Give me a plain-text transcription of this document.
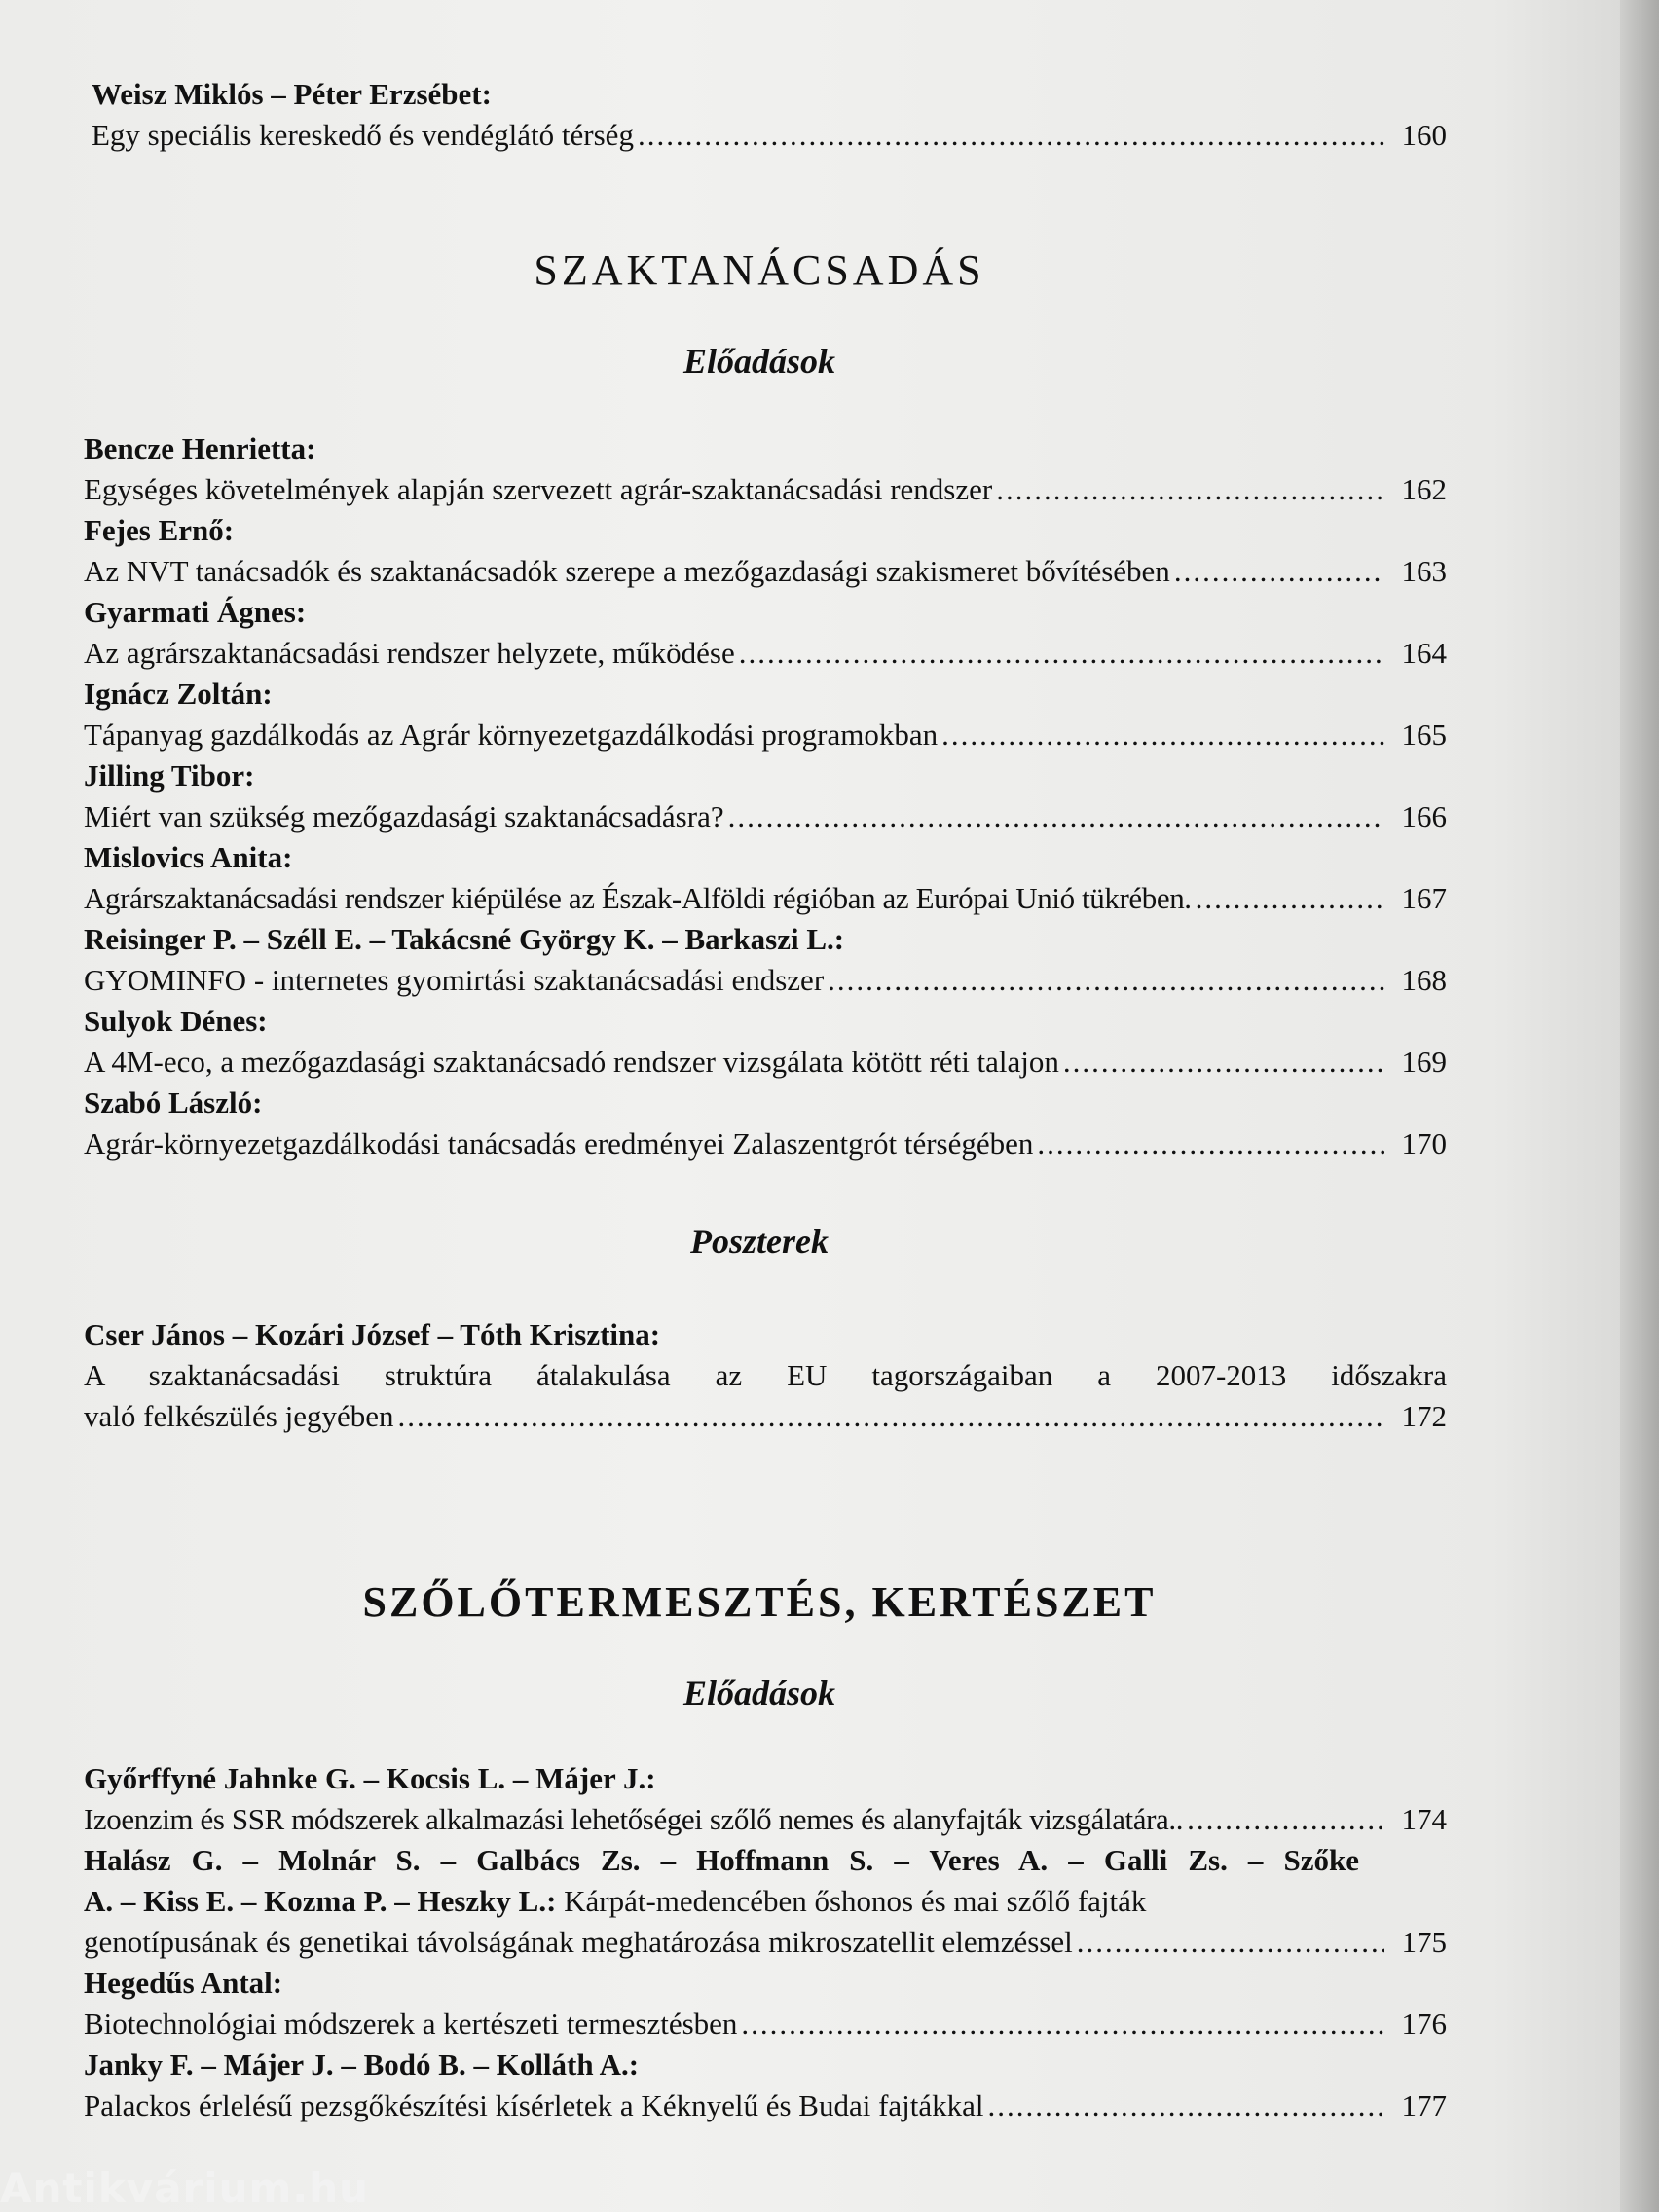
Weisz Miklós – Péter Erzsébet:
Egy speciális kereskedő és vendéglátó térség .....	160
SZAKTANÁCSADÁS
Előadások
Bencze Henrietta:
Egységes követelmények alapján szervezett agrár-szaktanácsadási rendszer .....	162
Fejes Ernő:
Az NVT tanácsadók és szaktanácsadók szerepe a mezőgazdasági szakismeret bővítésében .....	163
Gyarmati Ágnes:
Az agrárszaktanácsadási rendszer helyzete, működése .....	164
Ignácz Zoltán:
Tápanyag gazdálkodás az Agrár környezetgazdálkodási programokban .....	165
Jilling Tibor:
Miért van szükség mezőgazdasági szaktanácsadásra? .....	166
Mislovics Anita:
Agrárszaktanácsadási rendszer kiépülése az Észak-Alföldi régióban az Európai Unió tükrében. .....	167
Reisinger P. – Széll E. – Takácsné György K. – Barkaszi L.:
GYOMINFO - internetes gyomirtási szaktanácsadási endszer .....	168
Sulyok Dénes:
A 4M-eco, a mezőgazdasági szaktanácsadó rendszer vizsgálata kötött réti talajon .....	169
Szabó László:
Agrár-környezetgazdálkodási tanácsadás eredményei Zalaszentgrót térségében .....	170
Poszterek
Cser János – Kozári József – Tóth Krisztina:
A szaktanácsadási struktúra átalakulása az EU tagországaiban a 2007-2013 időszakra
való felkészülés jegyében .....	172
SZŐLŐTERMESZTÉS, KERTÉSZET
Előadások
Győrffyné Jahnke G. – Kocsis L. – Májer J.:
Izoenzim és SSR módszerek alkalmazási lehetőségei szőlő nemes és alanyfajták vizsgálatára.. .....	174
Halász G. – Molnár S. – Galbács Zs. – Hoffmann S. – Veres A. – Galli Zs. – Szőke
A. – Kiss E. – Kozma P. – Heszky L.: Kárpát-medencében őshonos és mai szőlő fajták
genotípusának és genetikai távolságának meghatározása mikroszatellit elemzéssel .....	175
Hegedűs Antal:
Biotechnológiai módszerek a kertészeti termesztésben .....	176
Janky F. – Májer J. – Bodó B. – Kolláth A.:
Palackos érlelésű pezsgőkészítési kísérletek a Kéknyelű és Budai fajtákkal .....	177
Antikvárium.hu
